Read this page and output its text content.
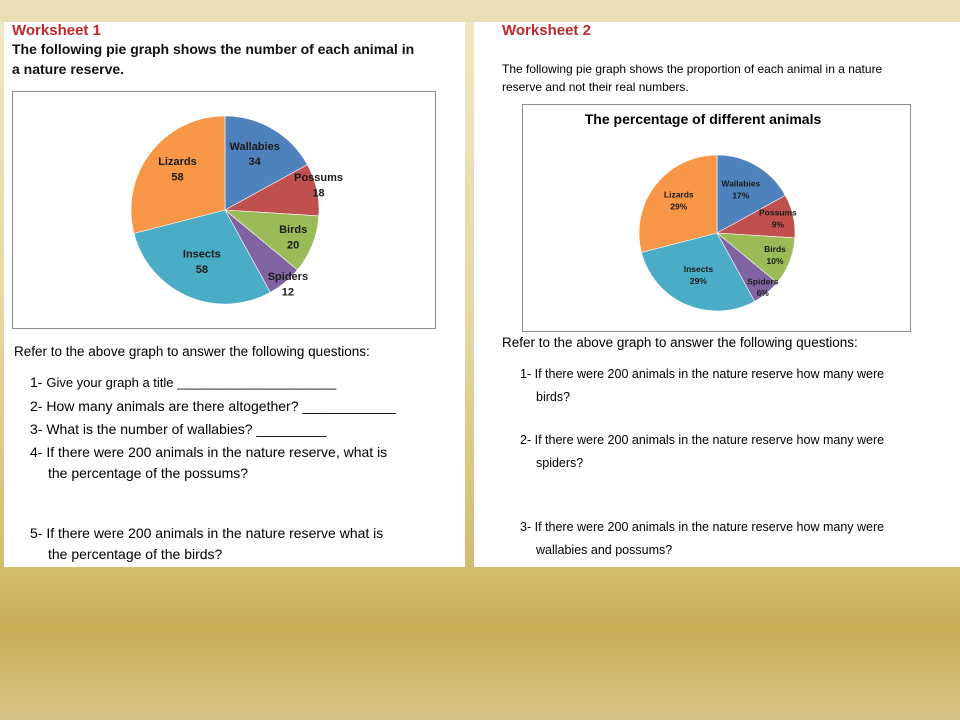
Worksheet 1
The following pie graph shows the number of each animal in
a nature reserve.
Wallabies 34
Possums 18
Birds 20
Spiders 12
Insects 58
Lizards 58
Refer to the above graph to answer the following questions:
1- Give your graph a title ______________________
2- How many animals are there altogether? ____________
3- What is the number of wallabies? _________
4- If there were 200 animals in the nature reserve, what is
the percentage of the possums?
5- If there were 200 animals in the nature reserve what is
the percentage of the birds?
Worksheet 2
The following pie graph shows the proportion of each animal in a nature
reserve and not their real numbers.
The percentage of different animals
Wallabies 17%
Possums 9%
Birds 10%
Spiders 6%
Insects 29%
Lizards 29%
Refer to the above graph to answer the following questions:
1- If there were 200 animals in the nature reserve how many were
birds?
2- If there were 200 animals in the nature reserve how many were
spiders?
3- If there were 200 animals in the nature reserve how many were
wallabies and possums?
